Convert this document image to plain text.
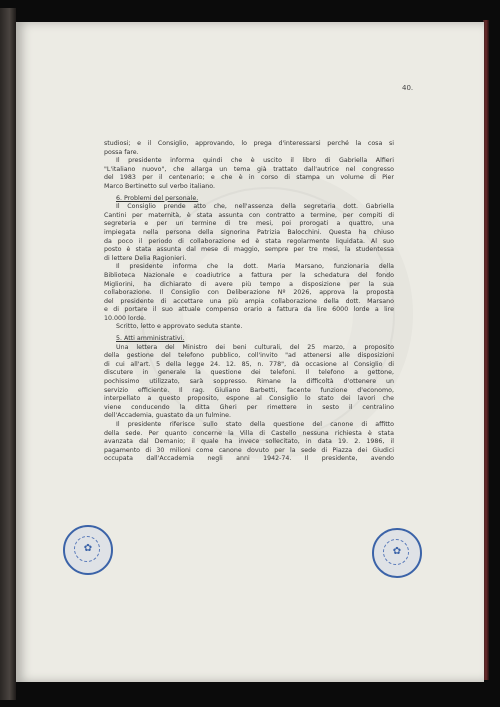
40.
studiosi; e il Consiglio, approvando, lo prega d'interessarsi perché la cosa si
possa fare.
Il presidente informa quindi che è uscito il libro di Gabriella Alfieri
"L'italiano nuovo", che allarga un tema già trattato dall'autrice nel congresso
del 1983 per il centenario; e che è in corso di stampa un volume di Pier
Marco Bertinetto sul verbo italiano.
6. Problemi del personale.
Il Consiglio prende atto che, nell'assenza della segretaria dott. Gabriella
Cantini per maternità, è stata assunta con contratto a termine, per compiti di
segreteria e per un termine di tre mesi, poi prorogati a quattro, una
impiegata nella persona della signorina Patrizia Balocchini. Questa ha chiuso
da poco il periodo di collaborazione ed è stata regolarmente liquidata. Al suo
posto è stata assunta dal mese di maggio, sempre per tre mesi, la studentessa
di lettere Delia Ragionieri.
Il presidente informa che la dott. Maria Marsano, funzionaria della
Biblioteca Nazionale e coadiutrice a fattura per la schedatura del fondo
Migliorini, ha dichiarato di avere più tempo a disposizione per la sua
collaborazione. Il Consiglio con Deliberazione Nº 2026, approva la proposta
del presidente di accettare una più ampia collaborazione della dott. Marsano
e di portare il suo attuale compenso orario a fattura da lire 6000 lorde a lire
10.000 lorde.
Scritto, letto e approvato seduta stante.
5. Atti amministrativi.
Una lettera del Ministro dei beni culturali, del 25 marzo, a proposito
della gestione del telefono pubblico, coll'invito "ad attenersi alle disposizioni
di cui all'art. 5 della legge 24. 12. 85, n. 778", dà occasione al Consiglio di
discutere in generale la questione dei telefoni. Il telefono a gettone,
pochissimo utilizzato, sarà soppresso. Rimane la difficoltà d'ottenere un
servizio efficiente. Il rag. Giuliano Barbetti, facente funzione d'economo,
interpellato a questo proposito, espone al Consiglio lo stato dei lavori che
viene conducendo la ditta Gheri per rimettere in sesto il centralino
dell'Accademia, guastato da un fulmine.
Il presidente riferisce sullo stato della questione del canone di affitto
della sede. Per quanto concerne la Villa di Castello nessuna richiesta è stata
avanzata dal Demanio; il quale ha invece sollecitato, in data 19. 2. 1986, il
pagamento di 30 milioni come canone dovuto per la sede di Piazza dei Giudici
occupata dall'Accademia negli anni 1942-74. Il presidente, avendo
✿	✿
